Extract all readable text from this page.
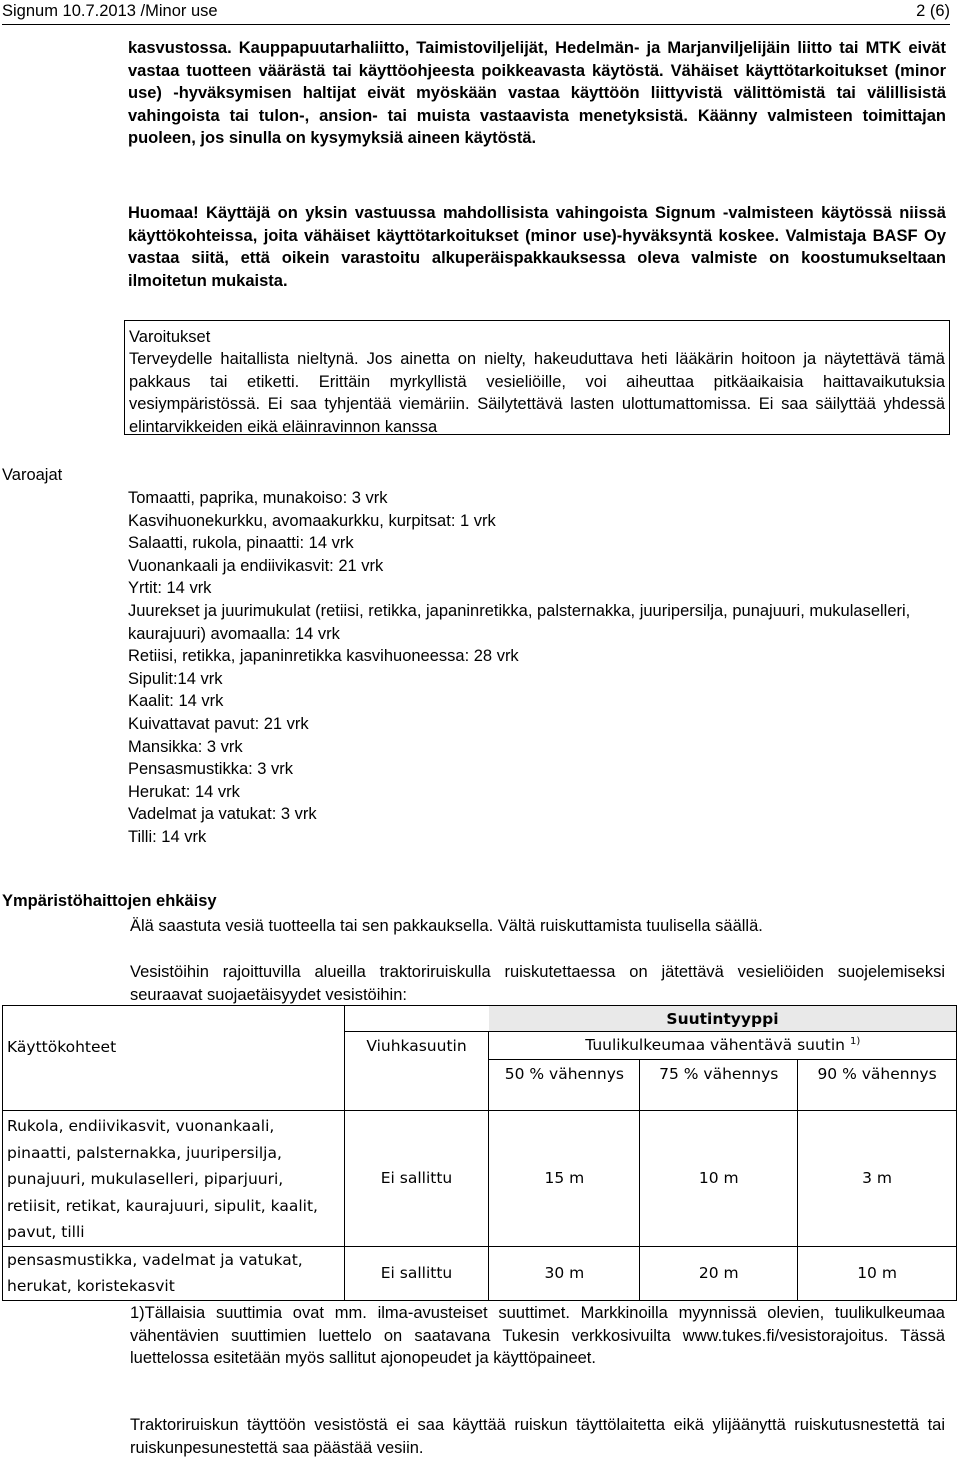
Signum 10.7.2013 /Minor use	2 (6)
kasvustossa. Kauppapuutarhaliitto, Taimistoviljelijät, Hedelmän- ja Marjanviljelijäin liitto tai MTK eivät vastaa tuotteen väärästä tai käyttöohjeesta poikkeavasta käytöstä. Vähäiset käyttötarkoitukset (minor use) -hyväksymisen haltijat eivät myöskään vastaa käyttöön liittyvistä välittömistä tai välillisistä vahingoista tai tulon-, ansion- tai muista vastaavista menetyksistä. Käänny valmisteen toimittajan puoleen, jos sinulla on kysymyksiä aineen käytöstä.
Huomaa! Käyttäjä on yksin vastuussa mahdollisista vahingoista Signum -valmisteen käytössä niissä käyttökohteissa, joita vähäiset käyttötarkoitukset (minor use)-hyväksyntä koskee. Valmistaja BASF Oy vastaa siitä, että oikein varastoitu alkuperäispakkauksessa oleva valmiste on koostumukseltaan ilmoitetun mukaista.
Varoitukset
Terveydelle haitallista nieltynä. Jos ainetta on nielty, hakeuduttava heti lääkärin hoitoon ja näytettävä tämä pakkaus tai etiketti. Erittäin myrkyllistä vesieliöille, voi aiheuttaa pitkäaikaisia haittavaikutuksia vesiympäristössä. Ei saa tyhjentää viemäriin. Säilytettävä lasten ulottumattomissa. Ei saa säilyttää yhdessä elintarvikkeiden eikä eläinravinnon kanssa
Varoajat
Tomaatti, paprika, munakoiso: 3 vrk
Kasvihuonekurkku, avomaakurkku, kurpitsat: 1 vrk
Salaatti, rukola, pinaatti: 14 vrk
Vuonankaali ja endiivikasvit: 21 vrk
Yrtit: 14 vrk
Juurekset ja juurimukulat (retiisi, retikka, japaninretikka, palsternakka, juuripersilja, punajuuri, mukulaselleri, kaurajuuri) avomaalla: 14 vrk
Retiisi, retikka, japaninretikka kasvihuoneessa: 28 vrk
Sipulit:14 vrk
Kaalit: 14 vrk
Kuivattavat pavut: 21 vrk
Mansikka: 3 vrk
Pensasmustikka: 3 vrk
Herukat: 14 vrk
Vadelmat ja vatukat: 3 vrk
Tilli: 14 vrk
Ympäristöhaittojen ehkäisy
Älä saastuta vesiä tuotteella tai sen pakkauksella. Vältä ruiskuttamista tuulisella säällä.
Vesistöihin rajoittuvilla alueilla traktoriruiskulla ruiskutettaessa on jätettävä vesieliöiden suojelemiseksi seuraavat suojaetäisyydet vesistöihin:
Käyttökohteet		Suutintyyppi		
	Viuhkasuutin	Tuulikulkeumaa vähentävä suutin $^{1)}$
		50 % vähennys	75 % vähennys	90 % vähennys

Rukola, endiivikasvit, vuonankaali, pinaatti, palsternakka, juuripersilja, punajuuri, mukulaselleri, piparjuuri, retiisit, retikat, kaurajuuri, sipulit, kaalit, pavut, tilli	Ei sallittu	15 m	10 m	3 m
pensasmustikka, vadelmat ja vatukat, herukat, koristekasvit	Ei sallittu	30 m	20 m	10 m
1)Tällaisia suuttimia ovat mm. ilma-avusteiset suuttimet. Markkinoilla myynnissä olevien, tuulikulkeumaa vähentävien suuttimien luettelo on saatavana Tukesin verkkosivuilta www.tukes.fi/vesistorajoitus. Tässä luettelossa esitetään myös sallitut ajonopeudet ja käyttöpaineet.
Traktoriruiskun täyttöön vesistöstä ei saa käyttää ruiskun täyttölaitetta eikä ylijäänyttä ruiskutusnestettä tai ruiskunpesunestettä saa päästää vesiin.
